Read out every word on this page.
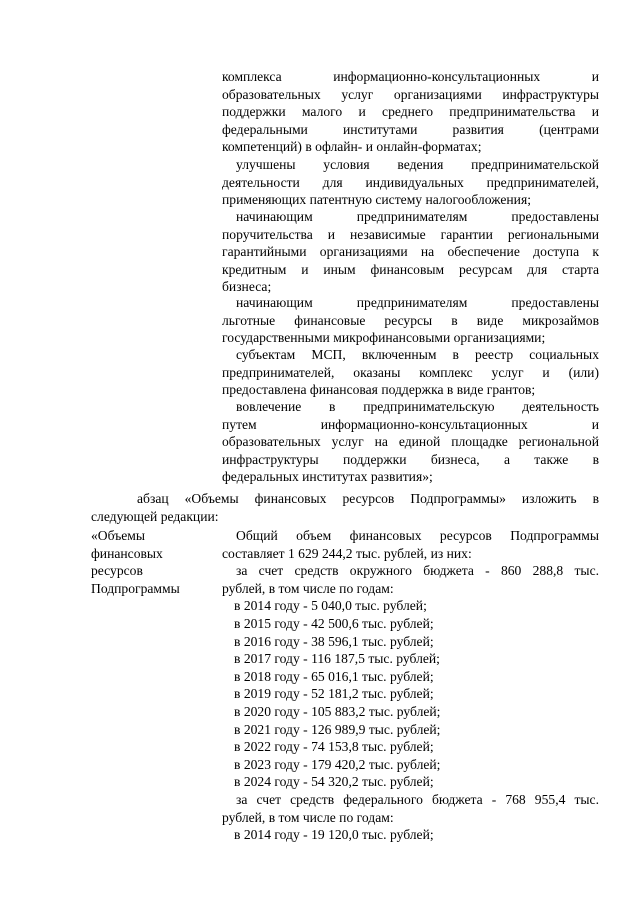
комплекса информационно-консультационных и
образовательных услуг организациями инфраструктуры
поддержки малого и среднего предпринимательства и
федеральными институтами развития (центрами
компетенций) в офлайн- и онлайн-форматах;
улучшены условия ведения предпринимательской
деятельности для индивидуальных предпринимателей,
применяющих патентную систему налогообложения;
начинающим предпринимателям предоставлены
поручительства и независимые гарантии региональными
гарантийными организациями на обеспечение доступа к
кредитным и иным финансовым ресурсам для старта
бизнеса;
начинающим предпринимателям предоставлены
льготные финансовые ресурсы в виде микрозаймов
государственными микрофинансовыми организациями;
субъектам МСП, включенным в реестр социальных
предпринимателей, оказаны комплекс услуг и (или)
предоставлена финансовая поддержка в виде грантов;
вовлечение в предпринимательскую деятельность
путем информационно-консультационных и
образовательных услуг на единой площадке региональной
инфраструктуры поддержки бизнеса, а также в
федеральных институтах развития»;
абзац «Объемы финансовых ресурсов Подпрограммы» изложить в
следующей редакции:
«Объемы
финансовых
ресурсов
Подпрограммы
Общий объем финансовых ресурсов Подпрограммы
составляет 1 629 244,2 тыс. рублей, из них:
за счет средств окружного бюджета - 860 288,8 тыс.
рублей, в том числе по годам:
в 2014 году - 5 040,0 тыс. рублей;
в 2015 году - 42 500,6 тыс. рублей;
в 2016 году - 38 596,1 тыс. рублей;
в 2017 году - 116 187,5 тыс. рублей;
в 2018 году - 65 016,1 тыс. рублей;
в 2019 году - 52 181,2 тыс. рублей;
в 2020 году - 105 883,2 тыс. рублей;
в 2021 году - 126 989,9 тыс. рублей;
в 2022 году - 74 153,8 тыс. рублей;
в 2023 году - 179 420,2 тыс. рублей;
в 2024 году - 54 320,2 тыс. рублей;
за счет средств федерального бюджета - 768 955,4 тыс.
рублей, в том числе по годам:
в 2014 году - 19 120,0 тыс. рублей;
